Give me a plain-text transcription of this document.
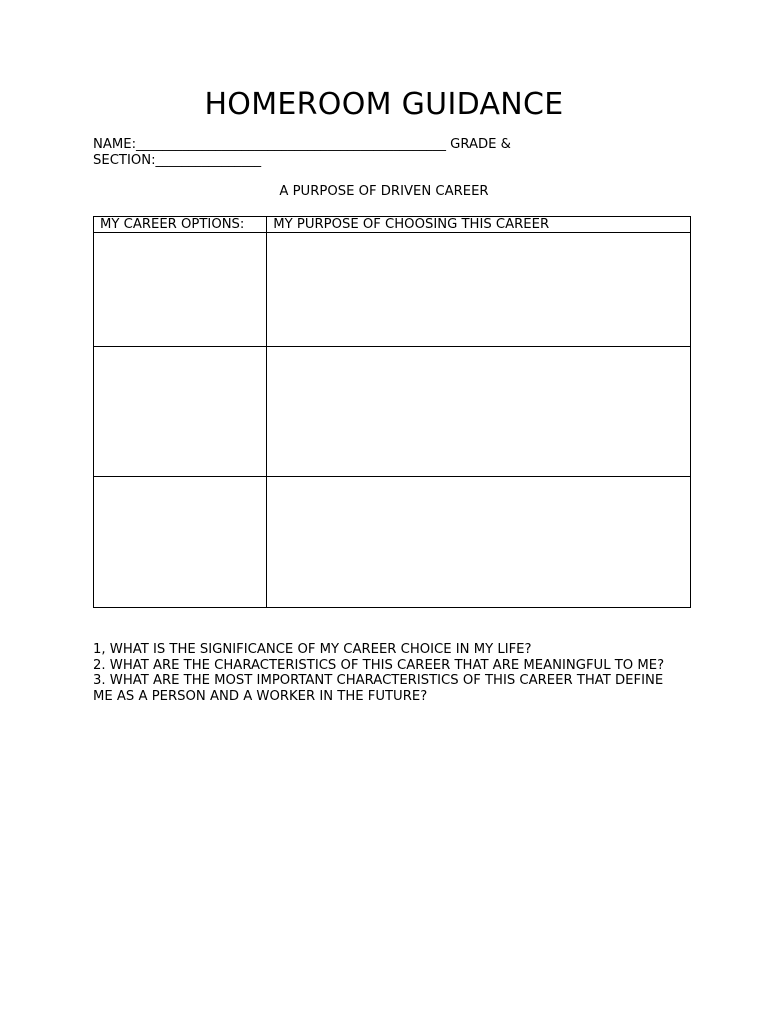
HOMEROOM GUIDANCE
NAME:_______________________________________________ GRADE & SECTION:________________
A PURPOSE OF DRIVEN CAREER
MY CAREER OPTIONS:	MY PURPOSE OF CHOOSING THIS CAREER

1, WHAT IS THE SIGNIFICANCE OF MY CAREER CHOICE IN MY LIFE?

2. WHAT ARE THE CHARACTERISTICS OF THIS CAREER THAT ARE MEANINGFUL TO ME?

3. WHAT ARE THE MOST IMPORTANT CHARACTERISTICS OF THIS CAREER THAT DEFINE ME AS A PERSON AND A WORKER IN THE FUTURE?
